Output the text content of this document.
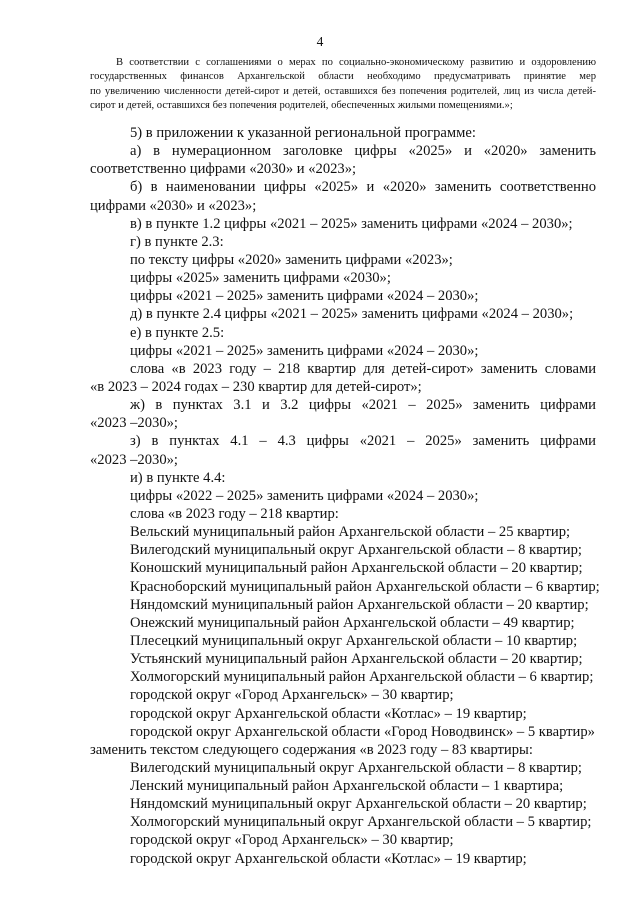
4
В соответствии с соглашениями о мерах по социально-экономическому развитию и оздоровлению
государственных финансов Архангельской области необходимо предусматривать принятие мер
по увеличению численности детей-сирот и детей, оставшихся без попечения родителей, лиц из числа детей-
сирот и детей, оставшихся без попечения родителей, обеспеченных жилыми помещениями.»;
5) в приложении к указанной региональной программе:
а) в нумерационном заголовке цифры «2025» и «2020» заменить
соответственно цифрами «2030» и «2023»;
б) в наименовании цифры «2025» и «2020» заменить соответственно
цифрами «2030» и «2023»;
в) в пункте 1.2 цифры «2021 – 2025» заменить цифрами «2024 – 2030»;
г) в пункте 2.3:
по тексту цифры «2020» заменить цифрами «2023»;
цифры «2025» заменить цифрами «2030»;
цифры «2021 – 2025» заменить цифрами «2024 – 2030»;
д) в пункте 2.4 цифры «2021 – 2025» заменить цифрами «2024 – 2030»;
е) в пункте 2.5:
цифры «2021 – 2025» заменить цифрами «2024 – 2030»;
слова «в 2023 году – 218 квартир для детей-сирот» заменить словами
«в 2023 – 2024 годах – 230 квартир для детей-сирот»;
ж) в пунктах 3.1 и 3.2 цифры «2021 – 2025» заменить цифрами
«2023 –2030»;
з) в пунктах 4.1 – 4.3 цифры «2021 – 2025» заменить цифрами
«2023 –2030»;
и) в пункте 4.4:
цифры «2022 – 2025» заменить цифрами «2024 – 2030»;
слова «в 2023 году – 218 квартир:
Вельский муниципальный район Архангельской области – 25 квартир;
Вилегодский муниципальный округ Архангельской области – 8 квартир;
Коношский муниципальный район Архангельской области – 20 квартир;
Красноборский муниципальный район Архангельской области – 6 квартир;
Няндомский муниципальный район Архангельской области – 20 квартир;
Онежский муниципальный район Архангельской области – 49 квартир;
Плесецкий муниципальный округ Архангельской области – 10 квартир;
Устьянский муниципальный район Архангельской области – 20 квартир;
Холмогорский муниципальный район Архангельской области – 6 квартир;
городской округ «Город Архангельск» – 30 квартир;
городской округ Архангельской области «Котлас» – 19 квартир;
городской округ Архангельской области «Город Новодвинск» – 5 квартир»
заменить текстом следующего содержания «в 2023 году – 83 квартиры:
Вилегодский муниципальный округ Архангельской области – 8 квартир;
Ленский муниципальный район Архангельской области – 1 квартира;
Няндомский муниципальный округ Архангельской области – 20 квартир;
Холмогорский муниципальный округ Архангельской области – 5 квартир;
городской округ «Город Архангельск» – 30 квартир;
городской округ Архангельской области «Котлас» – 19 квартир;
